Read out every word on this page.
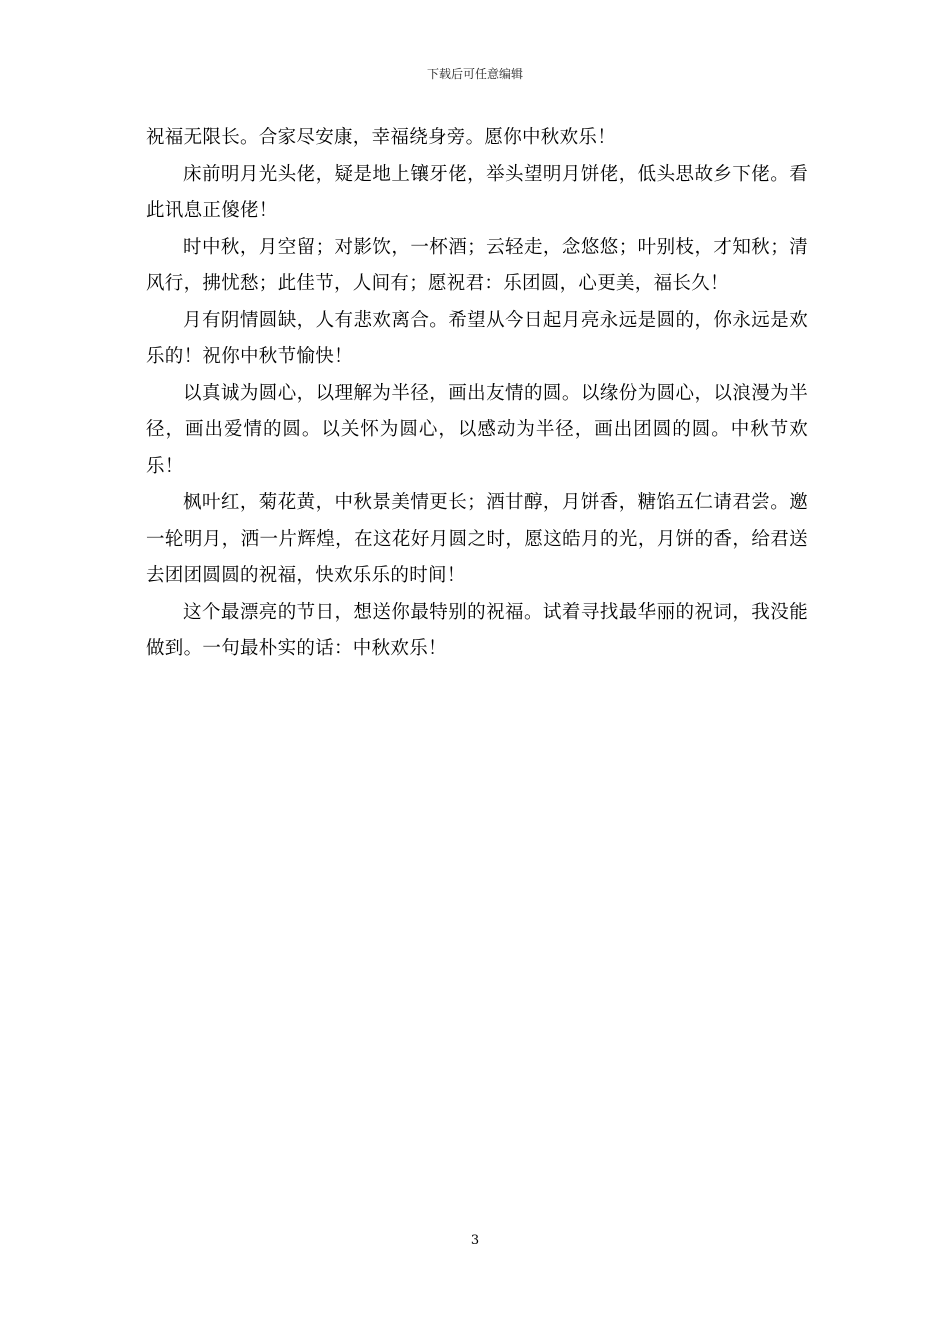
下载后可任意编辑

祝福无限长。合家尽安康，幸福绕身旁。愿你中秋欢乐！

床前明月光头佬，疑是地上镶牙佬，举头望明月饼佬，低头思故乡下佬。看此讯息正傻佬！

时中秋，月空留；对影饮，一杯酒；云轻走，念悠悠；叶别枝，才知秋；清风行，拂忧愁；此佳节，人间有；愿祝君：乐团圆，心更美，福长久！

月有阴情圆缺，人有悲欢离合。希望从今日起月亮永远是圆的，你永远是欢乐的！祝你中秋节愉快！

以真诚为圆心，以理解为半径，画出友情的圆。以缘份为圆心，以浪漫为半径，画出爱情的圆。以关怀为圆心，以感动为半径，画出团圆的圆。中秋节欢乐！

枫叶红，菊花黄，中秋景美情更长；酒甘醇，月饼香，糖馅五仁请君尝。邀一轮明月，洒一片辉煌，在这花好月圆之时，愿这皓月的光，月饼的香，给君送去团团圆圆的祝福，快欢乐乐的时间！

这个最漂亮的节日，想送你最特别的祝福。试着寻找最华丽的祝词，我没能做到。一句最朴实的话：中秋欢乐！

3
